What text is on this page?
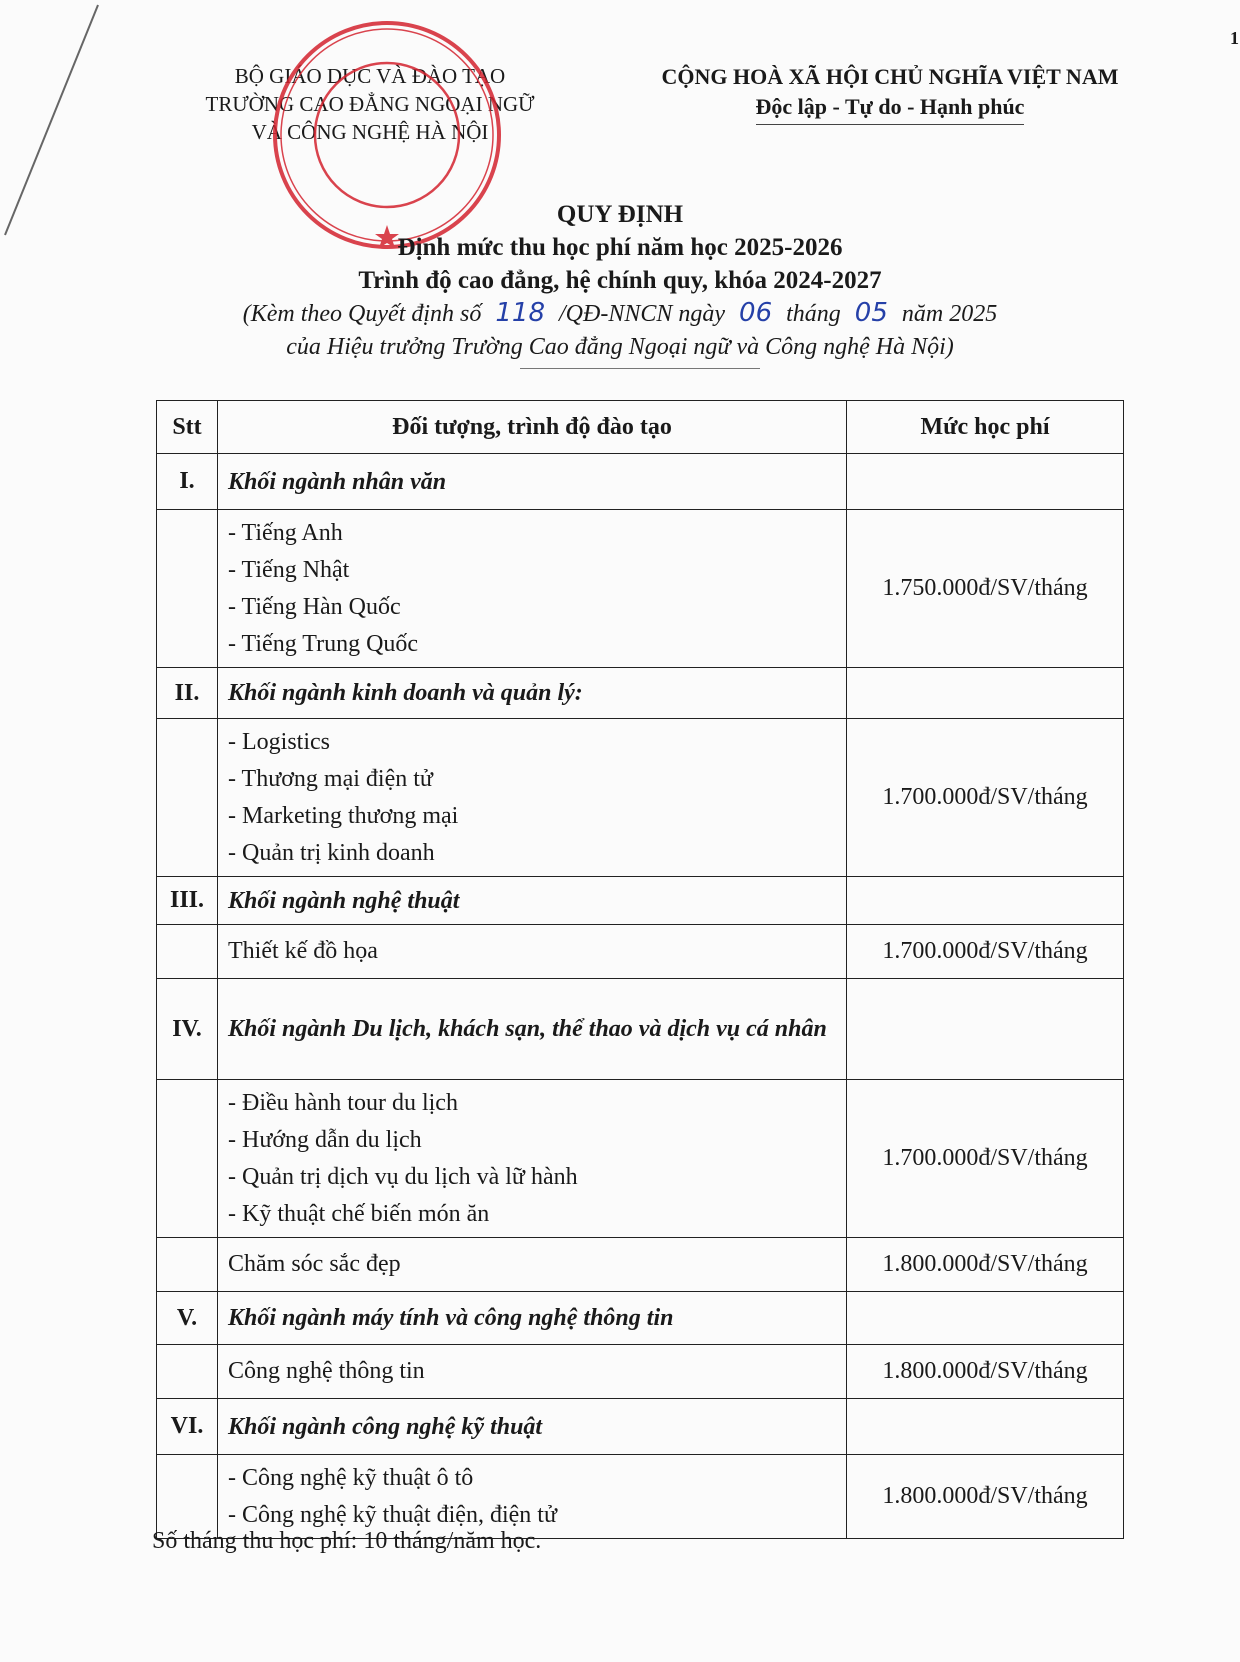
1
BỘ GIÁO DỤC VÀ ĐÀO TẠO
TRƯỜNG CAO ĐẲNG NGOẠI NGỮ
VÀ CÔNG NGHỆ HÀ NỘI
CỘNG HOÀ XÃ HỘI CHỦ NGHĨA VIỆT NAM
Độc lập - Tự do - Hạnh phúc
QUY ĐỊNH
Định mức thu học phí năm học 2025-2026
Trình độ cao đẳng, hệ chính quy, khóa 2024-2027
(Kèm theo Quyết định số 118 /QĐ-NNCN ngày 06 tháng 05 năm 2025
của Hiệu trưởng Trường Cao đẳng Ngoại ngữ và Công nghệ Hà Nội)
Stt	Đối tượng, trình độ đào tạo	Mức học phí
I.	Khối ngành nhân văn	

	- Tiếng Anh
- Tiếng Nhật
- Tiếng Hàn Quốc
- Tiếng Trung Quốc	1.750.000đ/SV/tháng
II.	Khối ngành kinh doanh và quản lý:	

	- Logistics
- Thương mại điện tử
- Marketing thương mại
- Quản trị kinh doanh	1.700.000đ/SV/tháng
III.	Khối ngành nghệ thuật	

	Thiết kế đồ họa	1.700.000đ/SV/tháng
IV.	Khối ngành Du lịch, khách sạn, thể thao và dịch vụ cá nhân	

	- Điều hành tour du lịch
- Hướng dẫn du lịch
- Quản trị dịch vụ du lịch và lữ hành
- Kỹ thuật chế biến món ăn	1.700.000đ/SV/tháng

	Chăm sóc sắc đẹp	1.800.000đ/SV/tháng
V.	Khối ngành máy tính và công nghệ thông tin	

	Công nghệ thông tin	1.800.000đ/SV/tháng
VI.	Khối ngành công nghệ kỹ thuật	

	- Công nghệ kỹ thuật ô tô
- Công nghệ kỹ thuật điện, điện tử	1.800.000đ/SV/tháng
Số tháng thu học phí: 10 tháng/năm học.
